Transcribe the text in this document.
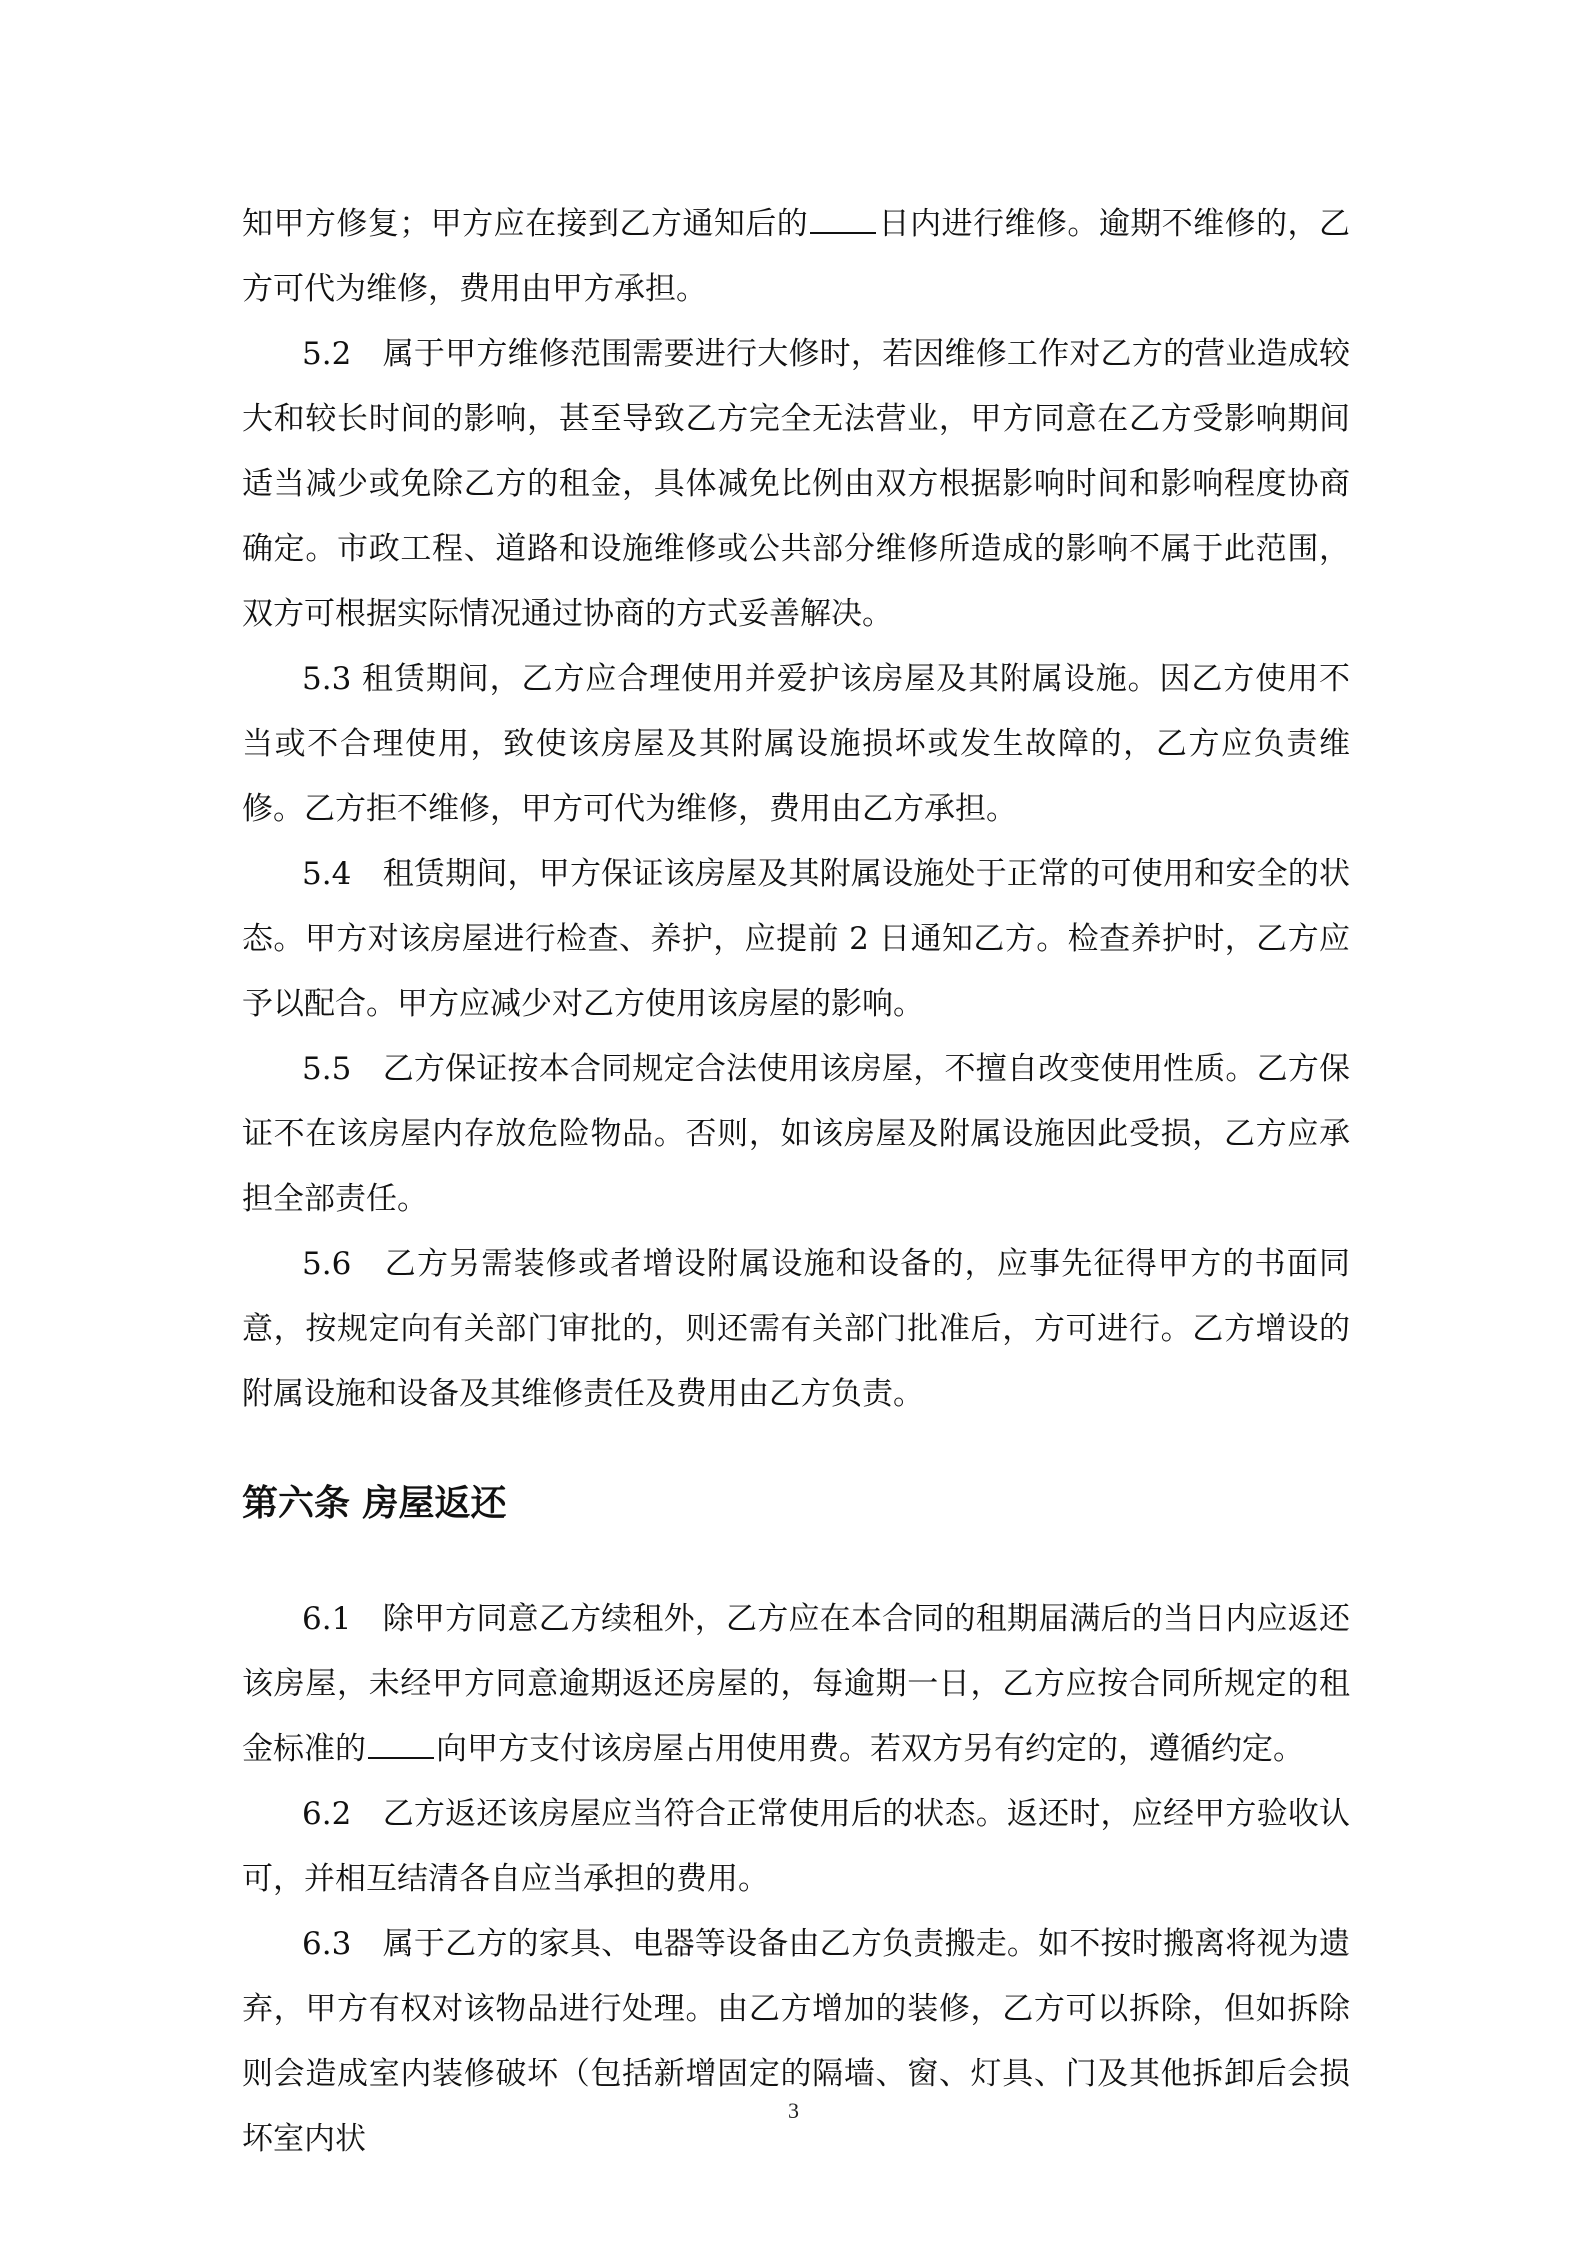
知甲方修复；甲方应在接到乙方通知后的 日内进行维修。逾期不维修的，乙方可代为维修，费用由甲方承担。

5.2　属于甲方维修范围需要进行大修时，若因维修工作对乙方的营业造成较大和较长时间的影响，甚至导致乙方完全无法营业，甲方同意在乙方受影响期间适当减少或免除乙方的租金，具体减免比例由双方根据影响时间和影响程度协商确定。市政工程、道路和设施维修或公共部分维修所造成的影响不属于此范围，双方可根据实际情况通过协商的方式妥善解决。

5.3 租赁期间，乙方应合理使用并爱护该房屋及其附属设施。因乙方使用不当或不合理使用，致使该房屋及其附属设施损坏或发生故障的，乙方应负责维修。乙方拒不维修，甲方可代为维修，费用由乙方承担。

5.4　租赁期间，甲方保证该房屋及其附属设施处于正常的可使用和安全的状态。甲方对该房屋进行检查、养护，应提前 2 日通知乙方。检查养护时，乙方应予以配合。甲方应减少对乙方使用该房屋的影响。

5.5　乙方保证按本合同规定合法使用该房屋，不擅自改变使用性质。乙方保证不在该房屋内存放危险物品。否则，如该房屋及附属设施因此受损，乙方应承担全部责任。

5.6　乙方另需装修或者增设附属设施和设备的，应事先征得甲方的书面同意，按规定向有关部门审批的，则还需有关部门批准后，方可进行。乙方增设的附属设施和设备及其维修责任及费用由乙方负责。

第六条 房屋返还

6.1　除甲方同意乙方续租外，乙方应在本合同的租期届满后的当日内应返还该房屋，未经甲方同意逾期返还房屋的，每逾期一日，乙方应按合同所规定的租金标准的 向甲方支付该房屋占用使用费。若双方另有约定的，遵循约定。

6.2　乙方返还该房屋应当符合正常使用后的状态。返还时，应经甲方验收认可，并相互结清各自应当承担的费用。

6.3　属于乙方的家具、电器等设备由乙方负责搬走。如不按时搬离将视为遗弃，甲方有权对该物品进行处理。由乙方增加的装修，乙方可以拆除，但如拆除则会造成室内装修破坏（包括新增固定的隔墙、窗、灯具、门及其他拆卸后会损坏室内状

3
